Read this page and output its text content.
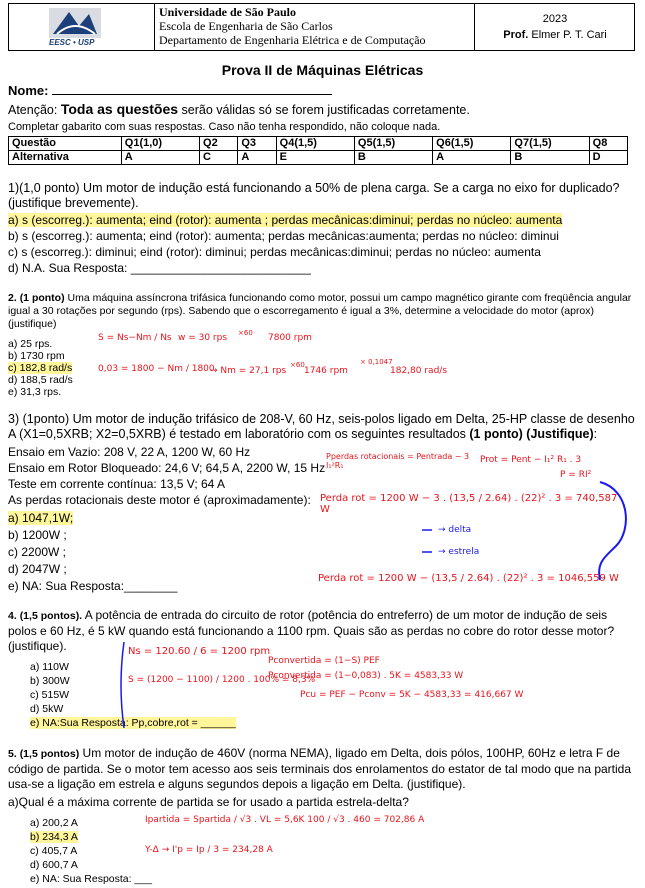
EESC • USP
Universidade de São Paulo
Escola de Engenharia de São Carlos
Departamento de Engenharia Elétrica e de Computação
2023
Prof. Elmer P. T. Cari
Prova II de Máquinas Elétricas
Nome:
Atenção: Toda as questões serão válidas só se forem justificadas corretamente.
Completar gabarito com suas respostas. Caso não tenha respondido, não coloque nada.
Questão	Q1(1,0)	Q2	Q3	Q4(1,5)	Q5(1,5)	Q6(1,5)	Q7(1,5)	Q8
Alternativa	A	C	A	E	B	A	B	D
1)(1,0 ponto) Um motor de indução está funcionando a 50% de plena carga. Se a carga no eixo for duplicado? (justifique brevemente).
a) s (escorreg.): aumenta; eind (rotor): aumenta ; perdas mecânicas:diminui; perdas no núcleo: aumenta
b) s (escorreg.): aumenta; eind (rotor): aumenta; perdas mecânicas:aumenta; perdas no núcleo: diminui
c) s (escorreg.): diminui; eind (rotor): diminui; perdas mecânicas:diminui; perdas no núcleo: aumenta
d) N.A. Sua Resposta: ___________________________
2. (1 ponto) Uma máquina assíncrona trifásica funcionando como motor, possui um campo magnético girante com freqüência angular igual a 30 rotações por segundo (rps). Sabendo que o escorregamento é igual a 3%, determine a velocidade do motor (aprox) (justifique)
a) 25 rps.
b) 1730 rpm
c) 182,8 rad/s
d) 188,5 rad/s
e) 31,3 rps.
S = Ns−Nm / Ns w = 30 rps ×60 7800 rpm
0,03 = 1800 − Nm / 1800
→ Nm = 27,1 rps
×60
1746 rpm
× 0,1047
182,80 rad/s
3) (1ponto) Um motor de indução trifásico de 208-V, 60 Hz, seis-polos ligado em Delta, 25-HP classe de desenho A (X1=0,5XRB; X2=0,5XRB) é testado em laboratório com os seguintes resultados (1 ponto) (Justifique):
Ensaio em Vazio: 208 V, 22 A, 1200 W, 60 Hz
Ensaio em Rotor Bloqueado: 24,6 V; 64,5 A, 2200 W, 15 Hz
Teste em corrente contínua: 13,5 V; 64 A
As perdas rotacionais deste motor é (aproximadamente):
a) 1047,1W;
b) 1200W ;
c) 2200W ;
d) 2047W ;
e) NA: Sua Resposta:________
Pperdas rotacionais = Pentrada − 3 I₁²R₁
Prot = Pent − I₁² R₁ . 3
P = RI²
Perda rot = 1200 W − 3 . (13,5 / 2.64) . (22)² . 3 = 740,587 W
→ delta
→ estrela
Perda rot = 1200 W − (13,5 / 2.64) . (22)² . 3 = 1046,559 W
4. (1,5 pontos). A potência de entrada do circuito de rotor (potência do entreferro) de um motor de indução de seis polos e 60 Hz, é 5 kW quando está funcionando a 1100 rpm. Quais são as perdas no cobre do rotor desse motor? (justifique).
a) 110W
b) 300W
c) 515W
d) 5kW
e) NA:Sua Resposta: Pp,cobre,rot = ______
Ns = 120.60 / 6 = 1200 rpm
S = (1200 − 1100) / 1200 . 100% = 8,3%
Pconvertida = (1−S) PEF
Pconvertida = (1−0,083) . 5K = 4583,33 W
Pcu = PEF − Pconv = 5K − 4583,33 = 416,667 W
5. (1,5 pontos) Um motor de indução de 460V (norma NEMA), ligado em Delta, dois pólos, 100HP, 60Hz e letra F de código de partida. Se o motor tem acesso aos seis terminais dos enrolamentos do estator de tal modo que na partida usa-se a ligação em estrela e alguns segundos depois a ligação em Delta. (justifique).
a)Qual é a máxima corrente de partida se for usado a partida estrela-delta?
a) 200,2 A
b) 234,3 A
c) 405,7 A
d) 600,7 A
e) NA: Sua Resposta: ___
Ipartida = Spartida / √3 . VL = 5,6K 100 / √3 . 460 = 702,86 A
Y-Δ → I'p = Ip / 3 = 234,28 A
